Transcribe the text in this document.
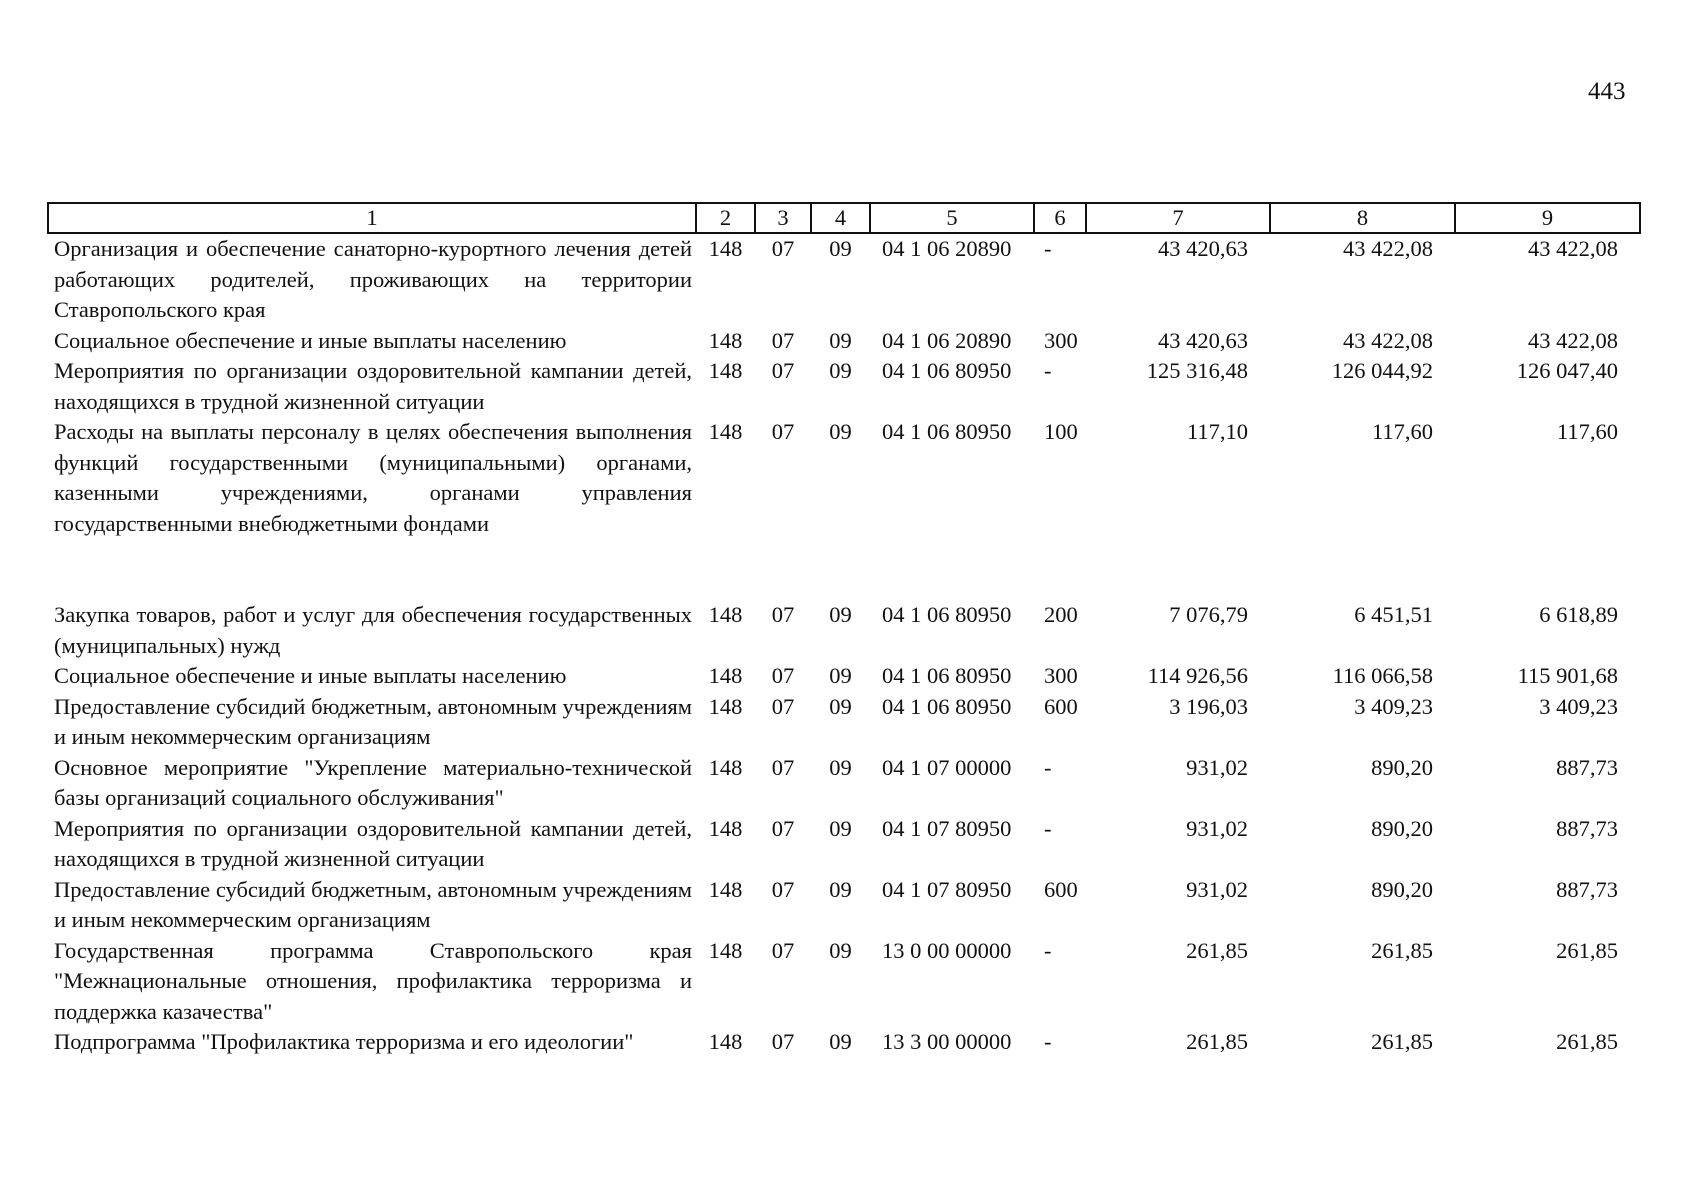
443
1	2	3	4	5	6	7	8	9
Организация и обеспечение санаторно-курортного лечения детей работающих родителей, проживающих на территории Ставропольского края	148	07	09	04 1 06 20890	-	43 420,63	43 422,08	43 422,08
Социальное обеспечение и иные выплаты населению	148	07	09	04 1 06 20890	300	43 420,63	43 422,08	43 422,08
Мероприятия по организации оздоровительной кампании детей, находящихся в трудной жизненной ситуации	148	07	09	04 1 06 80950	-	125 316,48	126 044,92	126 047,40
Расходы на выплаты персоналу в целях обеспечения выполнения функций государственными (муниципальными) органами, казенными учреждениями, органами управления государственными внебюджетными фондами	148	07	09	04 1 06 80950	100	117,10	117,60	117,60

Закупка товаров, работ и услуг для обеспечения государственных (муниципальных) нужд	148	07	09	04 1 06 80950	200	7 076,79	6 451,51	6 618,89
Социальное обеспечение и иные выплаты населению	148	07	09	04 1 06 80950	300	114 926,56	116 066,58	115 901,68
Предоставление субсидий бюджетным, автономным учреждениям и иным некоммерческим организациям	148	07	09	04 1 06 80950	600	3 196,03	3 409,23	3 409,23
Основное мероприятие "Укрепление материально-технической базы организаций социального обслуживания"	148	07	09	04 1 07 00000	-	931,02	890,20	887,73
Мероприятия по организации оздоровительной кампании детей, находящихся в трудной жизненной ситуации	148	07	09	04 1 07 80950	-	931,02	890,20	887,73
Предоставление субсидий бюджетным, автономным учреждениям и иным некоммерческим организациям	148	07	09	04 1 07 80950	600	931,02	890,20	887,73
Государственная программа Ставропольского края "Межнациональные отношения, профилактика терроризма и поддержка казачества"	148	07	09	13 0 00 00000	-	261,85	261,85	261,85
Подпрограмма "Профилактика терроризма и его идеологии"	148	07	09	13 3 00 00000	-	261,85	261,85	261,85
